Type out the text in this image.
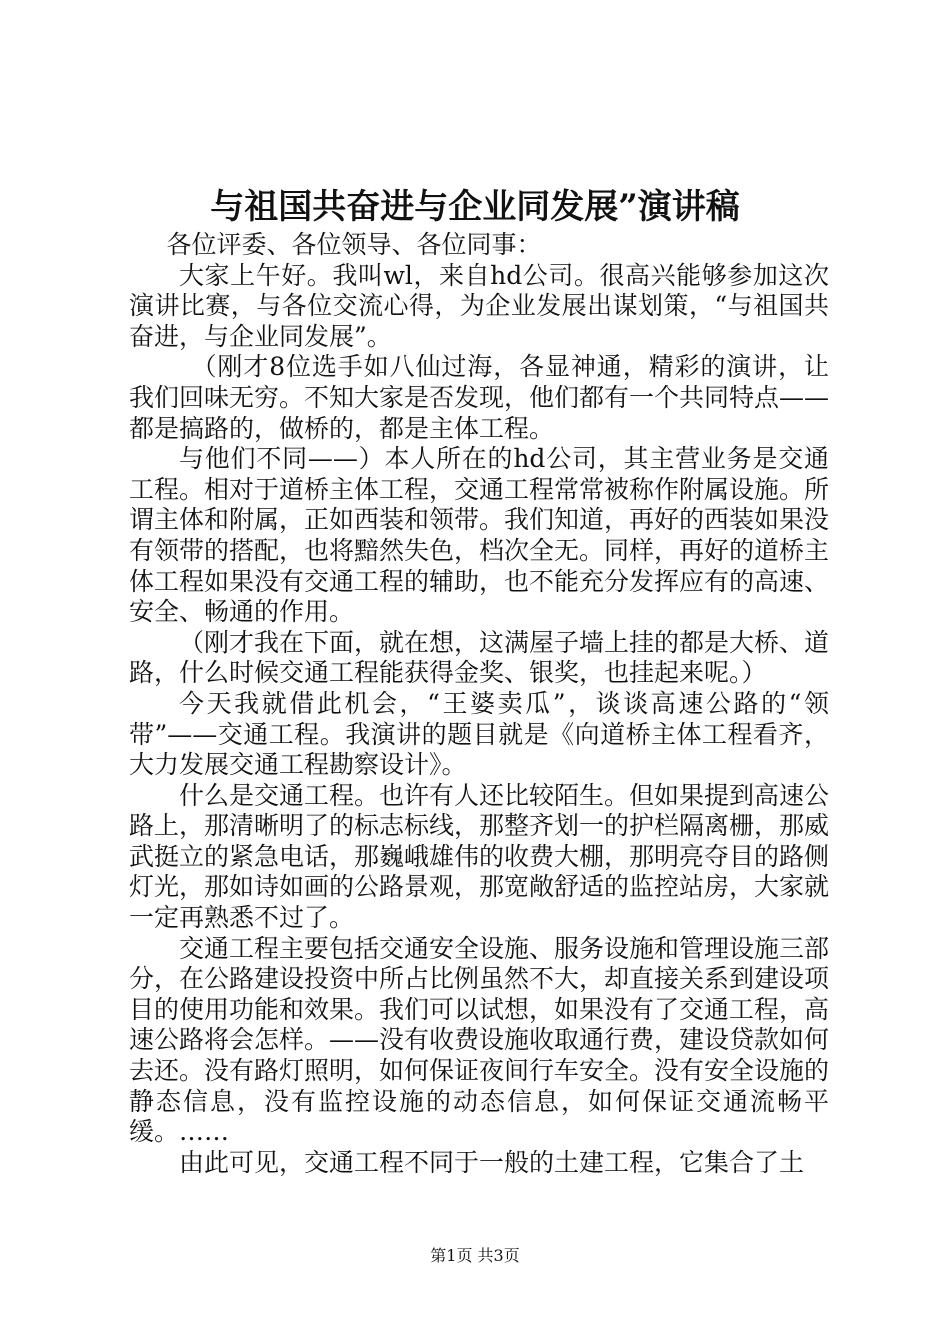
与祖国共奋进与企业同发展”演讲稿

各位评委、各位领导、各位同事：

大家上午好。我叫wl，来自hd公司。很高兴能够参加这次演讲比赛，与各位交流心得，为企业发展出谋划策，“与祖国共奋进，与企业同发展”。

（刚才8位选手如八仙过海，各显神通，精彩的演讲，让我们回味无穷。不知大家是否发现，他们都有一个共同特点——都是搞路的，做桥的，都是主体工程。

与他们不同——）本人所在的hd公司，其主营业务是交通工程。相对于道桥主体工程，交通工程常常被称作附属设施。所谓主体和附属，正如西装和领带。我们知道，再好的西装如果没有领带的搭配，也将黯然失色，档次全无。同样，再好的道桥主体工程如果没有交通工程的辅助，也不能充分发挥应有的高速、安全、畅通的作用。

（刚才我在下面，就在想，这满屋子墙上挂的都是大桥、道路，什么时候交通工程能获得金奖、银奖，也挂起来呢。）

今天我就借此机会，“王婆卖瓜”，谈谈高速公路的“领带”——交通工程。我演讲的题目就是《向道桥主体工程看齐，大力发展交通工程勘察设计》。

什么是交通工程。也许有人还比较陌生。但如果提到高速公路上，那清晰明了的标志标线，那整齐划一的护栏隔离栅，那威武挺立的紧急电话，那巍峨雄伟的收费大棚，那明亮夺目的路侧灯光，那如诗如画的公路景观，那宽敞舒适的监控站房，大家就一定再熟悉不过了。

交通工程主要包括交通安全设施、服务设施和管理设施三部分，在公路建设投资中所占比例虽然不大，却直接关系到建设项目的使用功能和效果。我们可以试想，如果没有了交通工程，高速公路将会怎样。——没有收费设施收取通行费，建设贷款如何去还。没有路灯照明，如何保证夜间行车安全。没有安全设施的静态信息，没有监控设施的动态信息，如何保证交通流畅平缓。……

由此可见，交通工程不同于一般的土建工程，它集合了土

第1页 共3页
